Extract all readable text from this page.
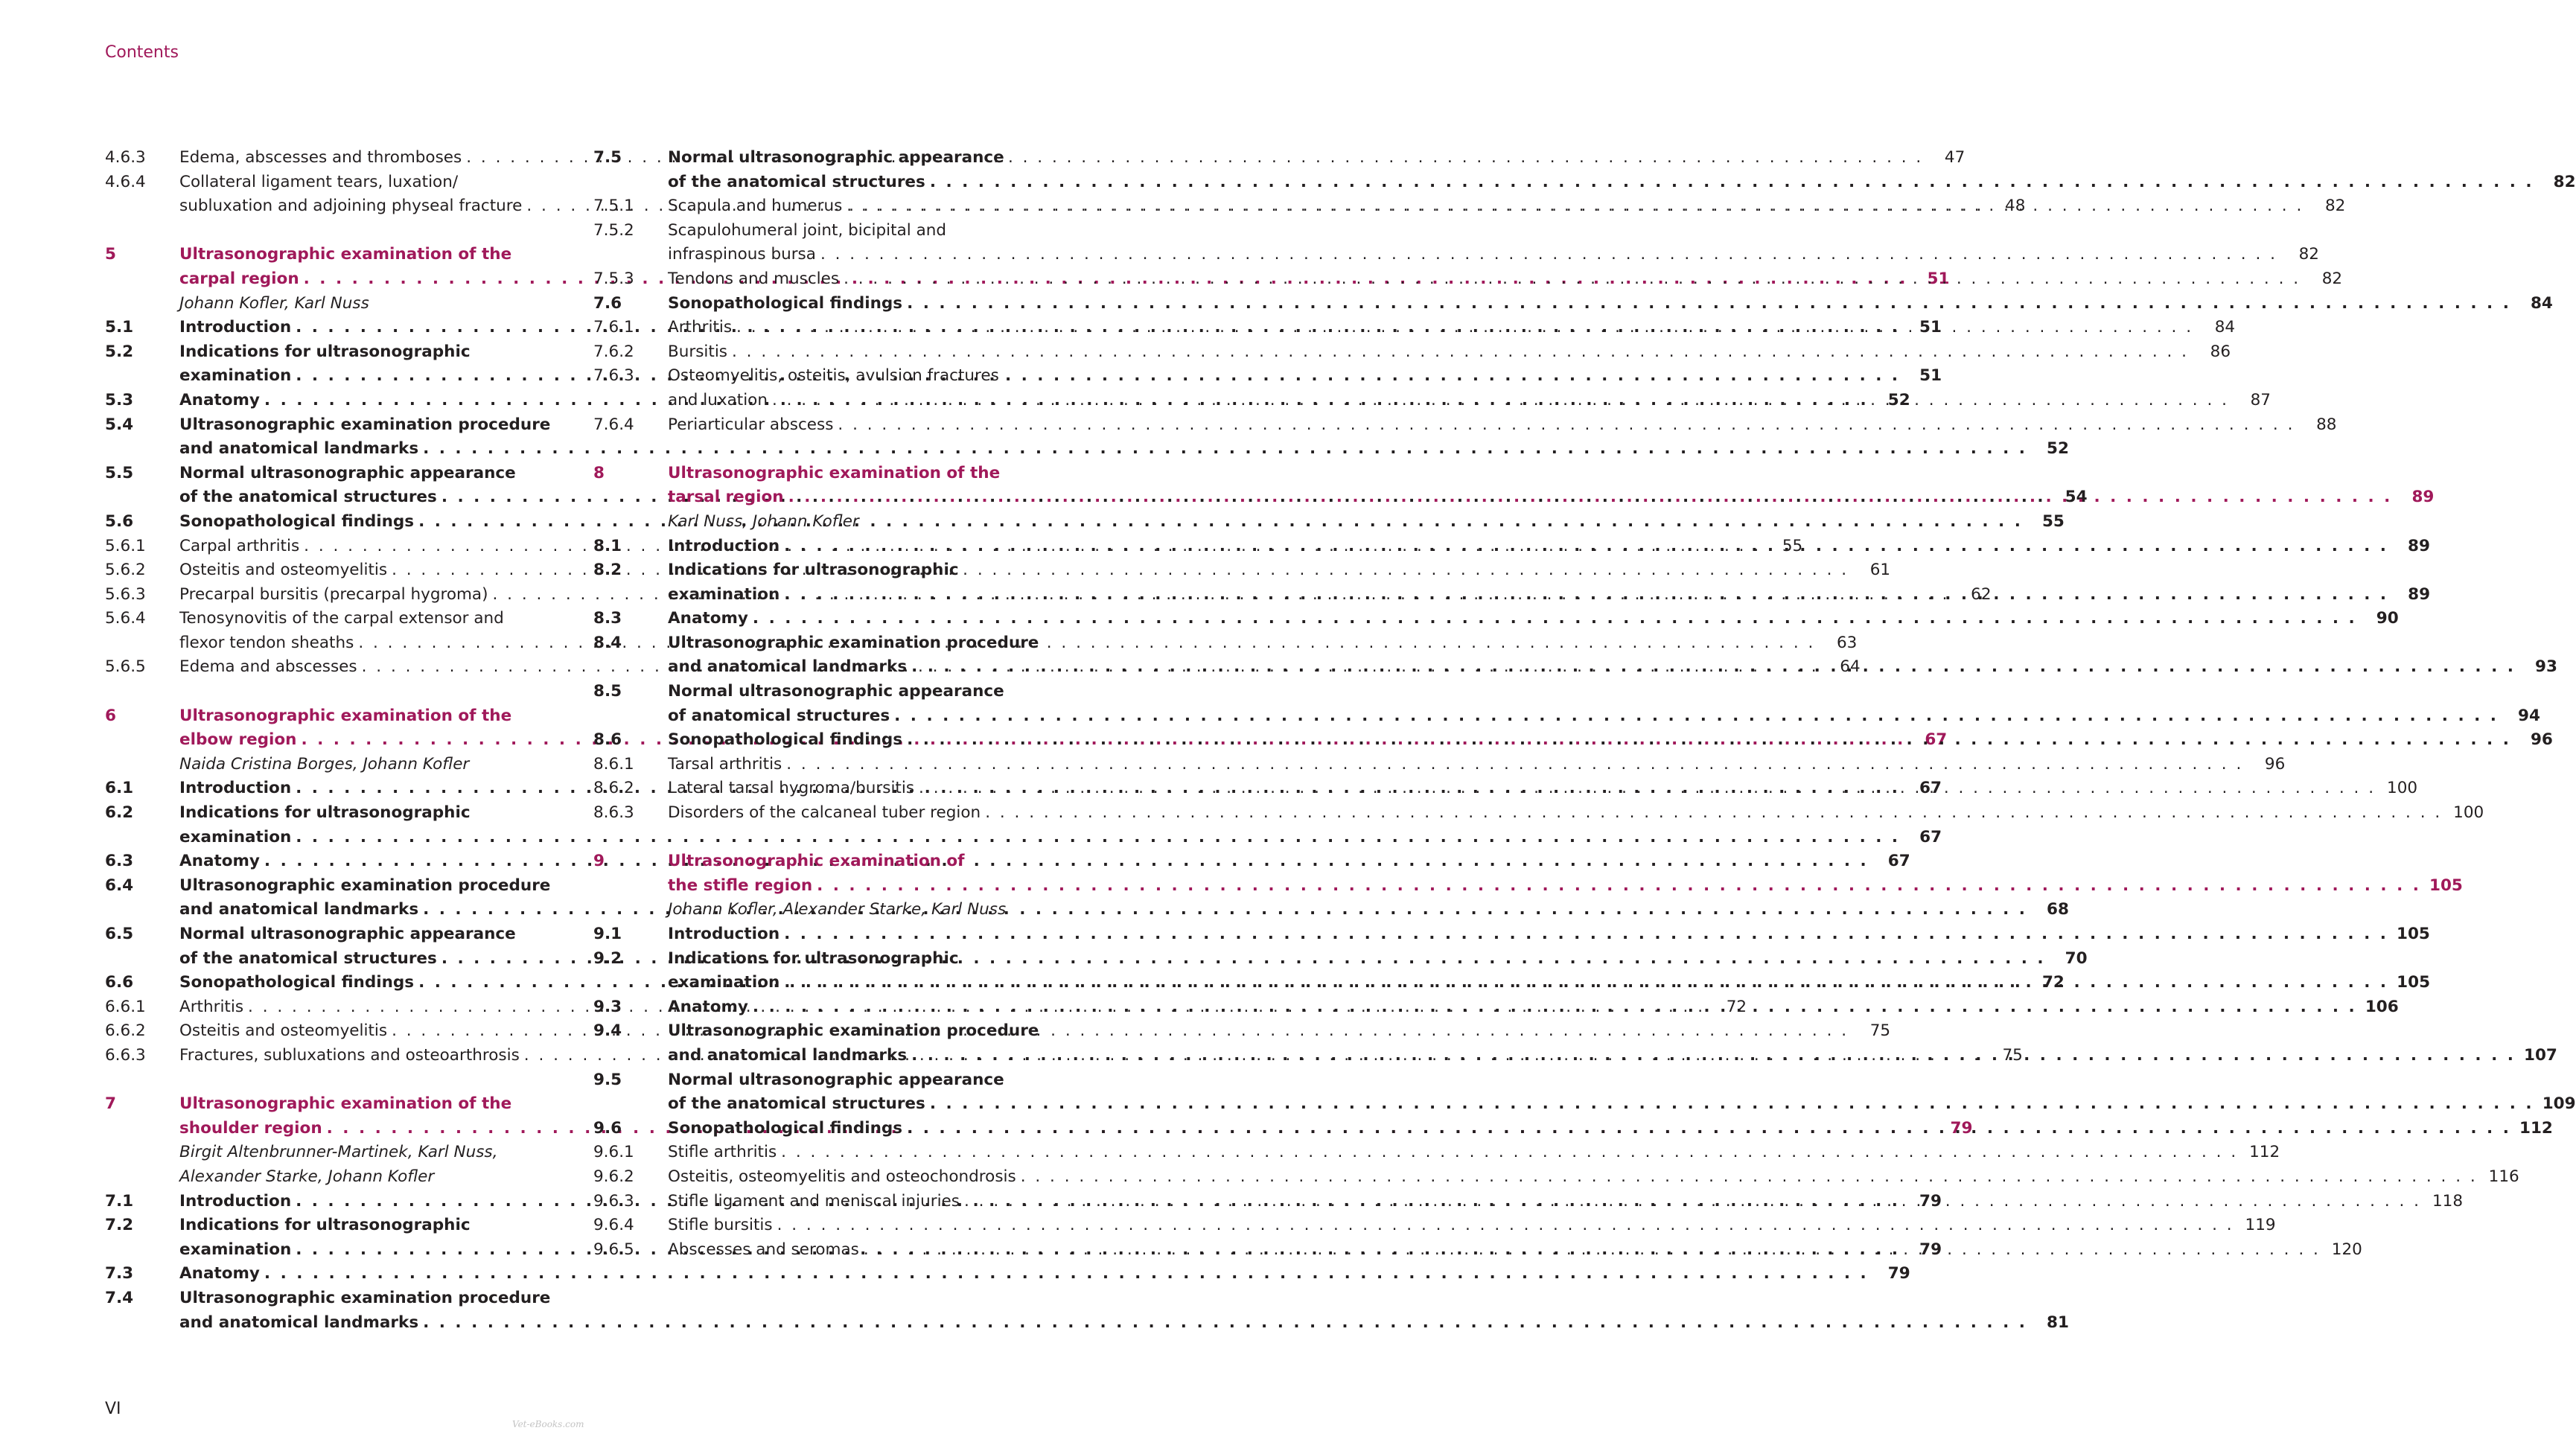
Contents
4.6.3	Edema, abscesses and thromboses . . .	47
4.6.4	Collateral ligament tears, luxation/
subluxation and adjoining physeal fracture . . .	48
5	Ultrasonographic examination of the
carpal region . . .	51
Johann Kofler, Karl Nuss
5.1	Introduction . . .	51
5.2	Indications for ultrasonographic
examination . . .	51
5.3	Anatomy . . .	52
5.4	Ultrasonographic examination procedure
and anatomical landmarks . . .	52
5.5	Normal ultrasonographic appearance
of the anatomical structures . . .	54
5.6	Sonopathological findings . . .	55
5.6.1	Carpal arthritis . . .	55
5.6.2	Osteitis and osteomyelitis . . .	61
5.6.3	Precarpal bursitis (precarpal hygroma) . . .	62
5.6.4	Tenosynovitis of the carpal extensor and
flexor tendon sheaths . . .	63
5.6.5	Edema and abscesses . . .	64
6	Ultrasonographic examination of the
elbow region . . .	67
Naida Cristina Borges, Johann Kofler
6.1	Introduction . . .	67
6.2	Indications for ultrasonographic
examination . . .	67
6.3	Anatomy . . .	67
6.4	Ultrasonographic examination procedure
and anatomical landmarks . . .	68
6.5	Normal ultrasonographic appearance
of the anatomical structures . . .	70
6.6	Sonopathological findings . . .	72
6.6.1	Arthritis . . .	72
6.6.2	Osteitis and osteomyelitis . . .	75
6.6.3	Fractures, subluxations and osteoarthrosis . . .	75
7	Ultrasonographic examination of the
shoulder region . . .	79
Birgit Altenbrunner-Martinek, Karl Nuss,
Alexander Starke, Johann Kofler
7.1	Introduction . . .	79
7.2	Indications for ultrasonographic
examination . . .	79
7.3	Anatomy . . .	79
7.4	Ultrasonographic examination procedure
and anatomical landmarks . . .	81
7.5	Normal ultrasonographic appearance
of the anatomical structures . . .	82
7.5.1	Scapula and humerus . . .	82
7.5.2	Scapulohumeral joint, bicipital and
infraspinous bursa . . .	82
7.5.3	Tendons and muscles . . .	82
7.6	Sonopathological findings . . .	84
7.6.1	Arthritis . . .	84
7.6.2	Bursitis . . .	86
7.6.3	Osteomyelitis, osteitis, avulsion fractures
and luxation . . .	87
7.6.4	Periarticular abscess . . .	88
8	Ultrasonographic examination of the
tarsal region . . .	89
Karl Nuss, Johann Kofler
8.1	Introduction . . .	89
8.2	Indications for ultrasonographic
examination . . .	89
8.3	Anatomy . . .	90
8.4	Ultrasonographic examination procedure
and anatomical landmarks . . .	93
8.5	Normal ultrasonographic appearance
of anatomical structures . . .	94
8.6	Sonopathological findings . . .	96
8.6.1	Tarsal arthritis . . .	96
8.6.2	Lateral tarsal hygroma/bursitis . . .	100
8.6.3	Disorders of the calcaneal tuber region . . .	100
9	Ultrasonographic examination of
the stifle region . . .	105
Johann Kofler, Alexander Starke, Karl Nuss
9.1	Introduction . . .	105
9.2	Indications for ultrasonographic
examination . . .	105
9.3	Anatomy . . .	106
9.4	Ultrasonographic examination procedure
and anatomical landmarks . . .	107
9.5	Normal ultrasonographic appearance
of the anatomical structures . . .	109
9.6	Sonopathological findings . . .	112
9.6.1	Stifle arthritis . . .	112
9.6.2	Osteitis, osteomyelitis and osteochondrosis . . .	116
9.6.3	Stifle ligament and meniscal injuries . . .	118
9.6.4	Stifle bursitis . . .	119
9.6.5	Abscesses and seromas . . .	120
VI
Vet-eBooks.com
